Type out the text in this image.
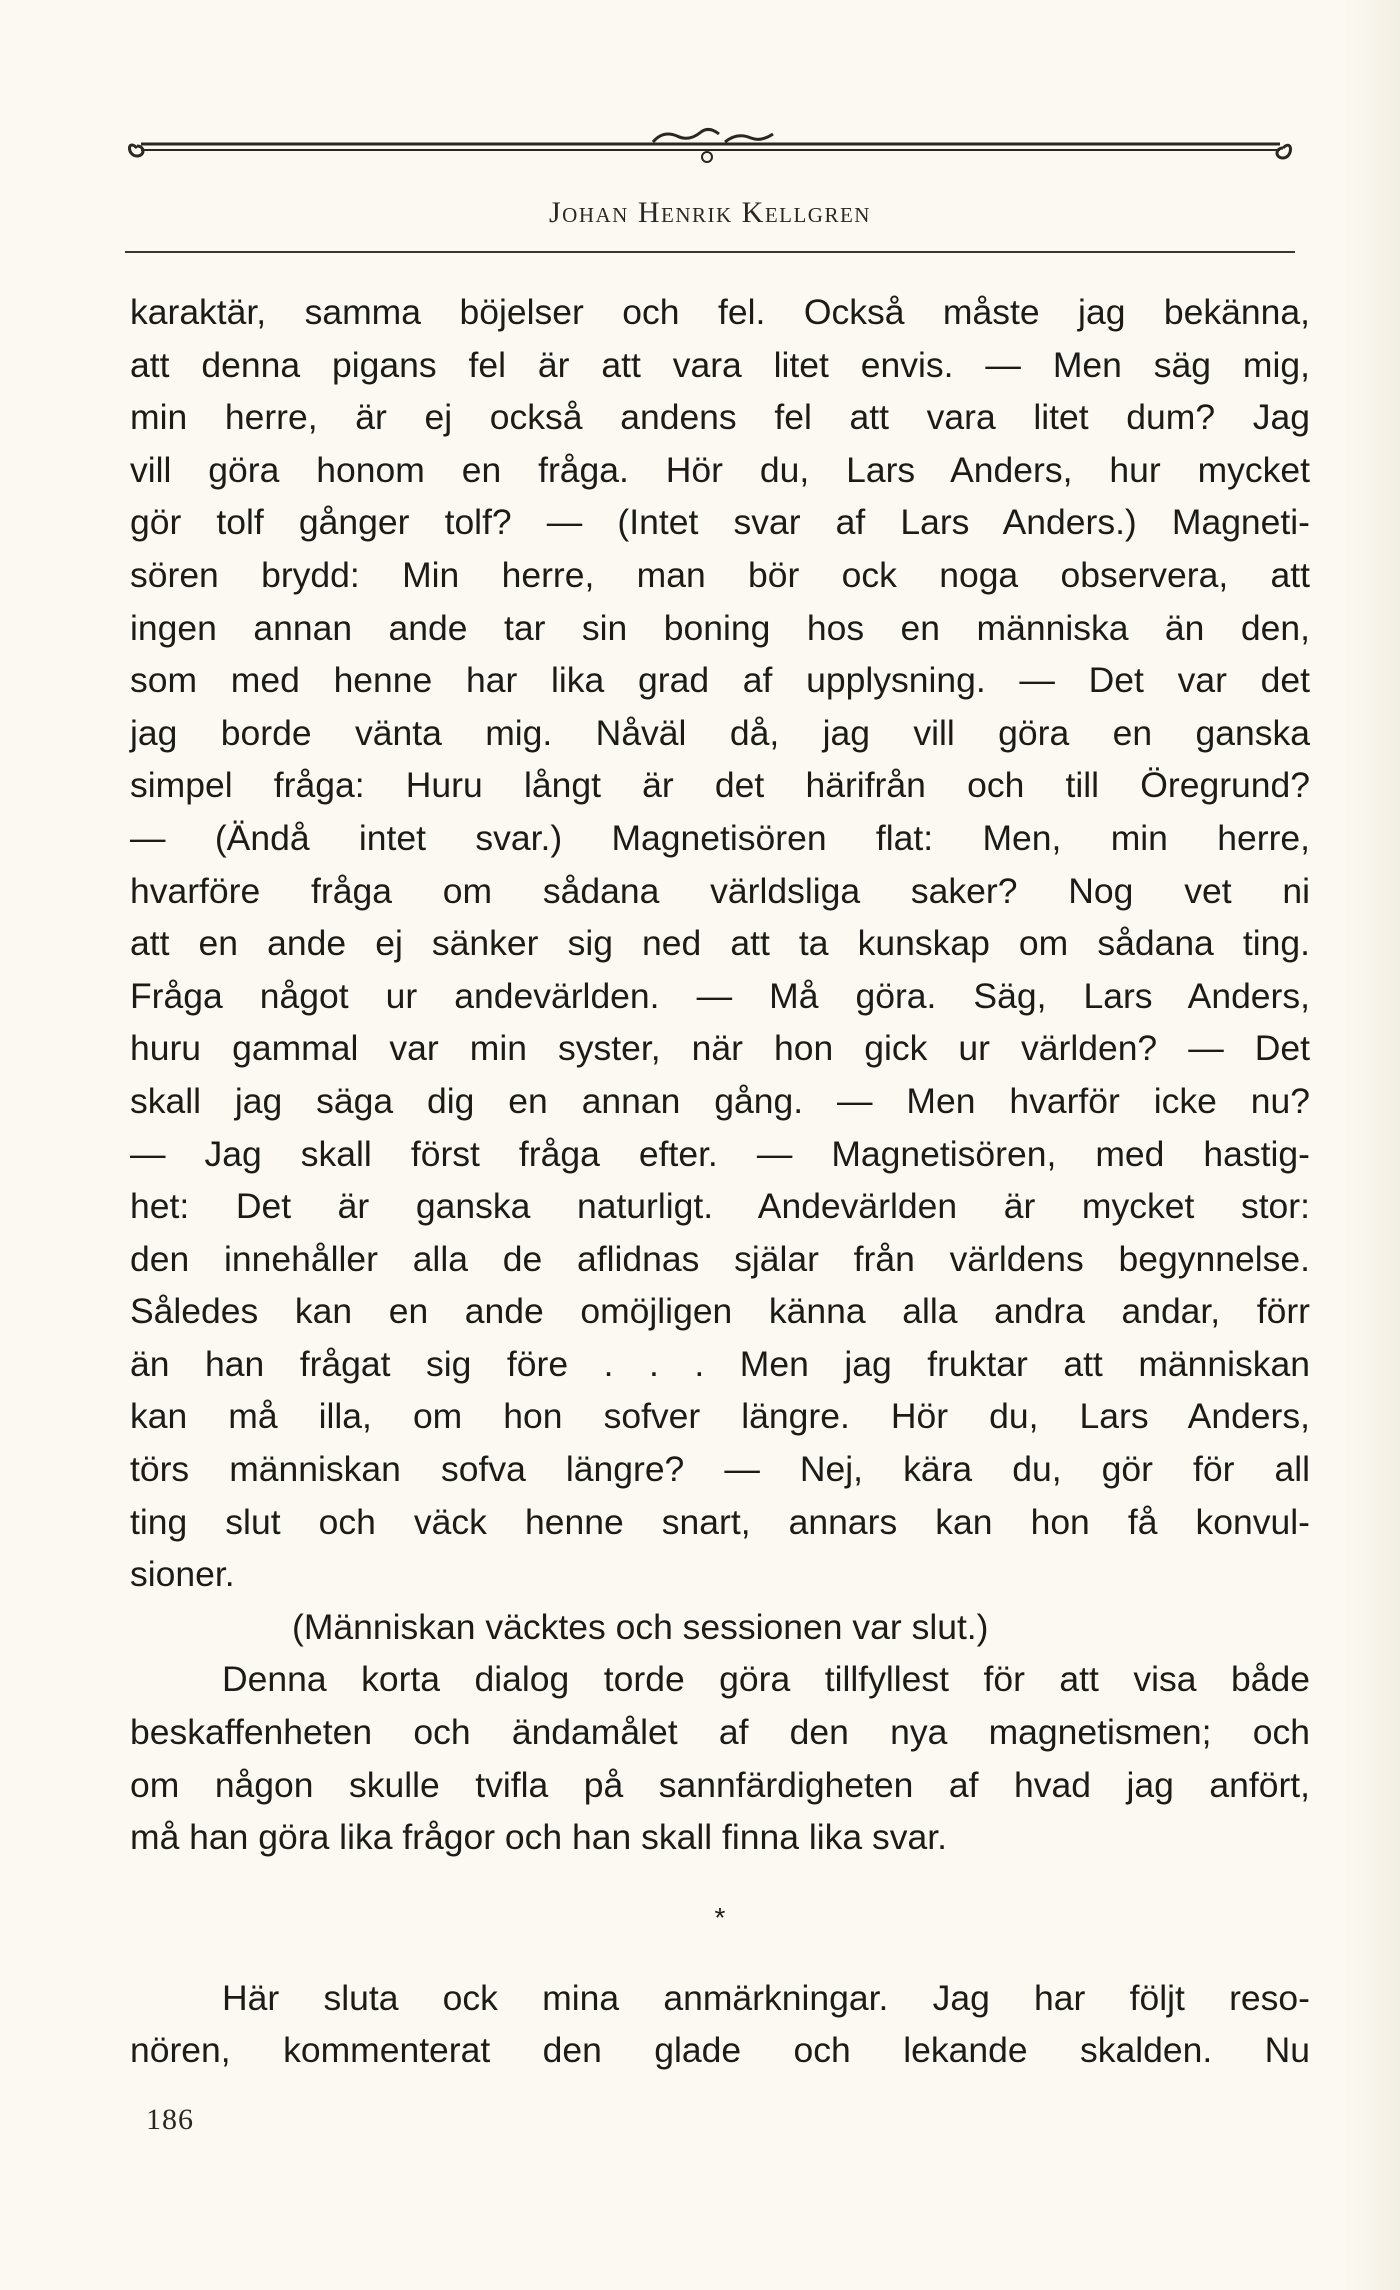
Johan Henrik Kellgren
karaktär, samma böjelser och fel. Också måste jag bekänna,
att denna pigans fel är att vara litet envis. — Men säg mig,
min herre, är ej också andens fel att vara litet dum? Jag
vill göra honom en fråga. Hör du, Lars Anders, hur mycket
gör tolf gånger tolf? — (Intet svar af Lars Anders.) Magneti-
sören brydd: Min herre, man bör ock noga observera, att
ingen annan ande tar sin boning hos en människa än den,
som med henne har lika grad af upplysning. — Det var det
jag borde vänta mig. Nåväl då, jag vill göra en ganska
simpel fråga: Huru långt är det härifrån och till Öregrund?
— (Ändå intet svar.) Magnetisören flat: Men, min herre,
hvarföre fråga om sådana världsliga saker? Nog vet ni
att en ande ej sänker sig ned att ta kunskap om sådana ting.
Fråga något ur andevärlden. — Må göra. Säg, Lars Anders,
huru gammal var min syster, när hon gick ur världen? — Det
skall jag säga dig en annan gång. — Men hvarför icke nu?
— Jag skall först fråga efter. — Magnetisören, med hastig-
het: Det är ganska naturligt. Andevärlden är mycket stor:
den innehåller alla de aflidnas själar från världens begynnelse.
Således kan en ande omöjligen känna alla andra andar, förr
än han frågat sig före . . . Men jag fruktar att människan
kan må illa, om hon sofver längre. Hör du, Lars Anders,
törs människan sofva längre? — Nej, kära du, gör för all
ting slut och väck henne snart, annars kan hon få konvul-
sioner.
(Människan väcktes och sessionen var slut.)
Denna korta dialog torde göra tillfyllest för att visa både
beskaffenheten och ändamålet af den nya magnetismen; och
om någon skulle tvifla på sannfärdigheten af hvad jag anfört,
må han göra lika frågor och han skall finna lika svar.
*
Här sluta ock mina anmärkningar. Jag har följt reso-
nören, kommenterat den glade och lekande skalden. Nu
186
